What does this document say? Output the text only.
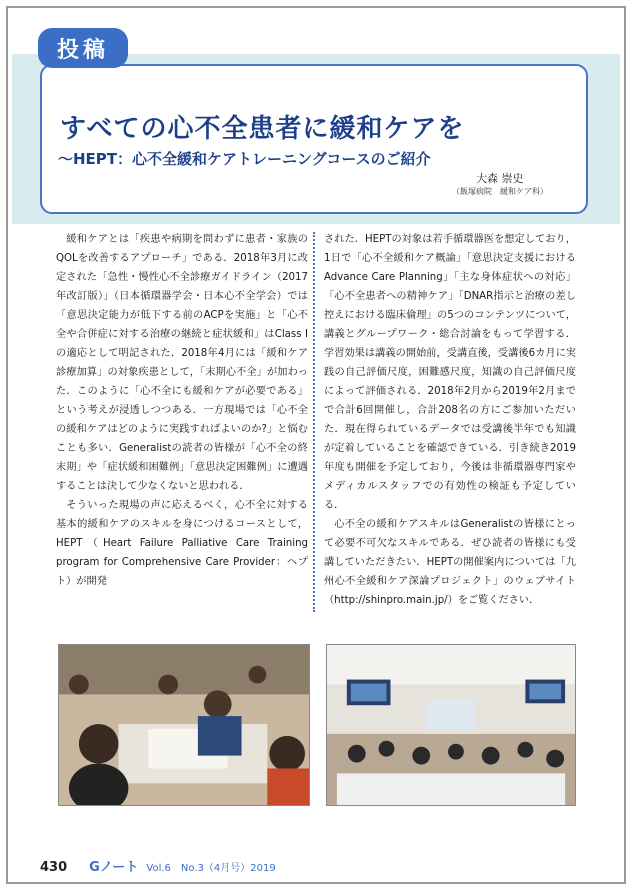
投稿
すべての心不全患者に緩和ケアを
～HEPT：心不全緩和ケアトレーニングコースのご紹介
大森 崇史
（飯塚病院　緩和ケア科）

緩和ケアとは「疾患や病期を問わずに患者・家族のQOLを改善するアプローチ」である．2018年3月に改定された「急性・慢性心不全診療ガイドライン（2017年改訂版）」（日本循環器学会・日本心不全学会）では「意思決定能力が低下する前のACPを実施」と「心不全や合併症に対する治療の継続と症状緩和」はClass Ⅰの適応として明記された．2018年4月には「緩和ケア診療加算」の対象疾患として，「末期心不全」が加わった．このように「心不全にも緩和ケアが必要である」という考えが浸透しつつある．一方現場では「心不全の緩和ケアはどのように実践すればよいのか?」と悩むことも多い．Generalistの読者の皆様が「心不全の終末期」や「症状緩和困難例」「意思決定困難例」に遭遇することは決して少なくないと思われる．

そういった現場の声に応えるべく，心不全に対する基本的緩和ケアのスキルを身につけるコースとして，HEPT（Heart Failure Palliative Care Training program for Comprehensive Care Provider：ヘプト）が開発

された．HEPTの対象は若手循環器医を想定しており，1日で「心不全緩和ケア概論」「意思決定支援におけるAdvance Care Planning」「主な身体症状への対応」「心不全患者への精神ケア」「DNAR指示と治療の差し控えにおける臨床倫理」の5つのコンテンツについて，講義とグループワーク・総合討論をもって学習する．学習効果は講義の開始前，受講直後，受講後6カ月に実践の自己評価尺度，困難感尺度，知識の自己評価尺度によって評価される．2018年2月から2019年2月までで合計6回開催し，合計208名の方にご参加いただいた．現在得られているデータでは受講後半年でも知識が定着していることを確認できている．引き続き2019年度も開催を予定しており，今後は非循環器専門家やメディカルスタッフでの有効性の検証も予定している．

心不全の緩和ケアスキルはGeneralistの皆様にとって必要不可欠なスキルである．ぜひ読者の皆様にも受講していただきたい．HEPTの開催案内については「九州心不全緩和ケア深論プロジェクト」のウェブサイト（http://shinpro.main.jp/）をご覧ください．

430 Gノート Vol.6　No.3（4月号）2019
